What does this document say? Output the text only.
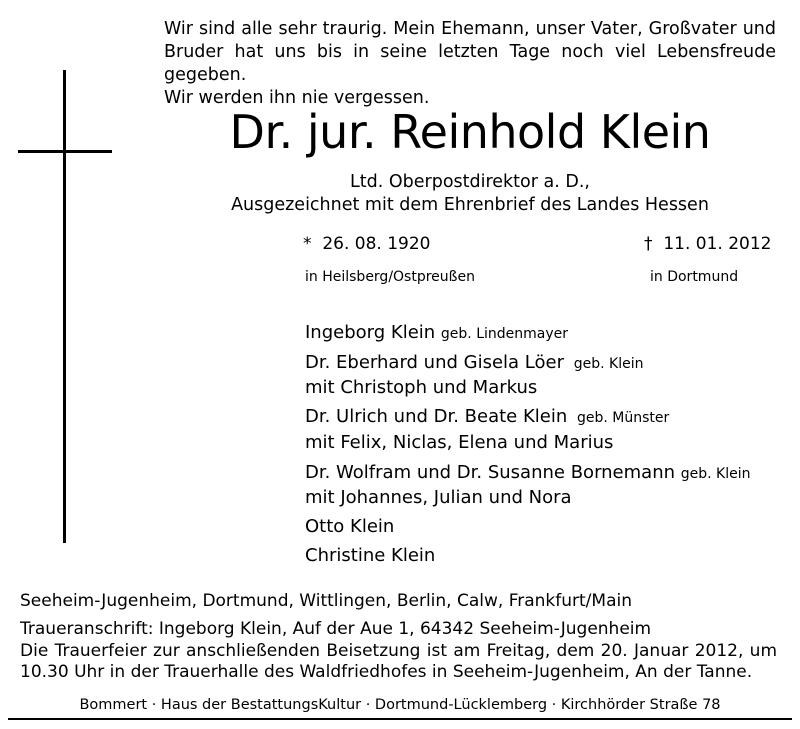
Wir sind alle sehr traurig. Mein Ehemann, unser Vater, Großvater und
Bruder hat uns bis in seine letzten Tage noch viel Lebensfreude gegeben.
Wir werden ihn nie vergessen.
Dr. jur. Reinhold Klein
Ltd. Oberpostdirektor a. D.,
Ausgezeichnet mit dem Ehrenbrief des Landes Hessen
* 26. 08. 1920	† 11. 01. 2012
in Heilsberg/Ostpreußen	in Dortmund
Ingeborg Klein geb. Lindenmayer
Dr. Eberhard und Gisela Löer geb. Klein
mit Christoph und Markus
Dr. Ulrich und Dr. Beate Klein geb. Münster
mit Felix, Niclas, Elena und Marius
Dr. Wolfram und Dr. Susanne Bornemann geb. Klein
mit Johannes, Julian und Nora
Otto Klein
Christine Klein
Seeheim-Jugenheim, Dortmund, Wittlingen, Berlin, Calw, Frankfurt/Main
Traueranschrift: Ingeborg Klein, Auf der Aue 1, 64342 Seeheim-Jugenheim
Die Trauerfeier zur anschließenden Beisetzung ist am Freitag, dem 20. Januar 2012, um
10.30 Uhr in der Trauerhalle des Waldfriedhofes in Seeheim-Jugenheim, An der Tanne.
Bommert · Haus der BestattungsKultur · Dortmund-Lücklemberg · Kirchhörder Straße 78
